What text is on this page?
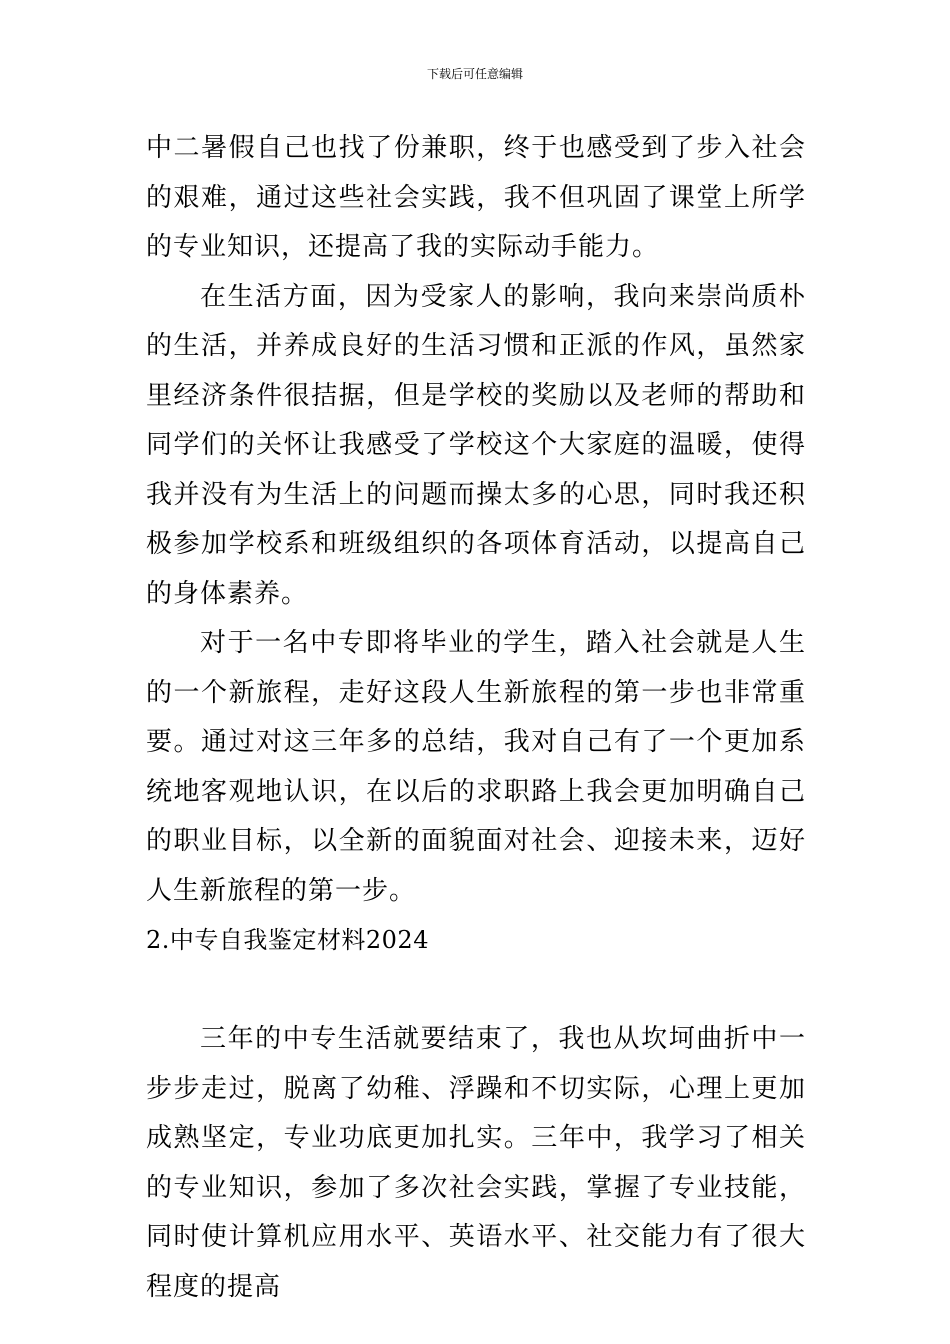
下载后可任意编辑

中二暑假自己也找了份兼职，终于也感受到了步入社会的艰难，通过这些社会实践，我不但巩固了课堂上所学的专业知识，还提高了我的实际动手能力。

在生活方面，因为受家人的影响，我向来崇尚质朴的生活，并养成良好的生活习惯和正派的作风，虽然家里经济条件很拮据，但是学校的奖励以及老师的帮助和同学们的关怀让我感受了学校这个大家庭的温暖，使得我并没有为生活上的问题而操太多的心思，同时我还积极参加学校系和班级组织的各项体育活动，以提高自己的身体素养。

对于一名中专即将毕业的学生，踏入社会就是人生的一个新旅程，走好这段人生新旅程的第一步也非常重要。通过对这三年多的总结，我对自己有了一个更加系统地客观地认识，在以后的求职路上我会更加明确自己的职业目标，以全新的面貌面对社会、迎接未来，迈好人生新旅程的第一步。

2.中专自我鉴定材料2024

三年的中专生活就要结束了，我也从坎坷曲折中一步步走过，脱离了幼稚、浮躁和不切实际，心理上更加成熟坚定，专业功底更加扎实。三年中，我学习了相关的专业知识，参加了多次社会实践，掌握了专业技能，同时使计算机应用水平、英语水平、社交能力有了很大程度的提高
